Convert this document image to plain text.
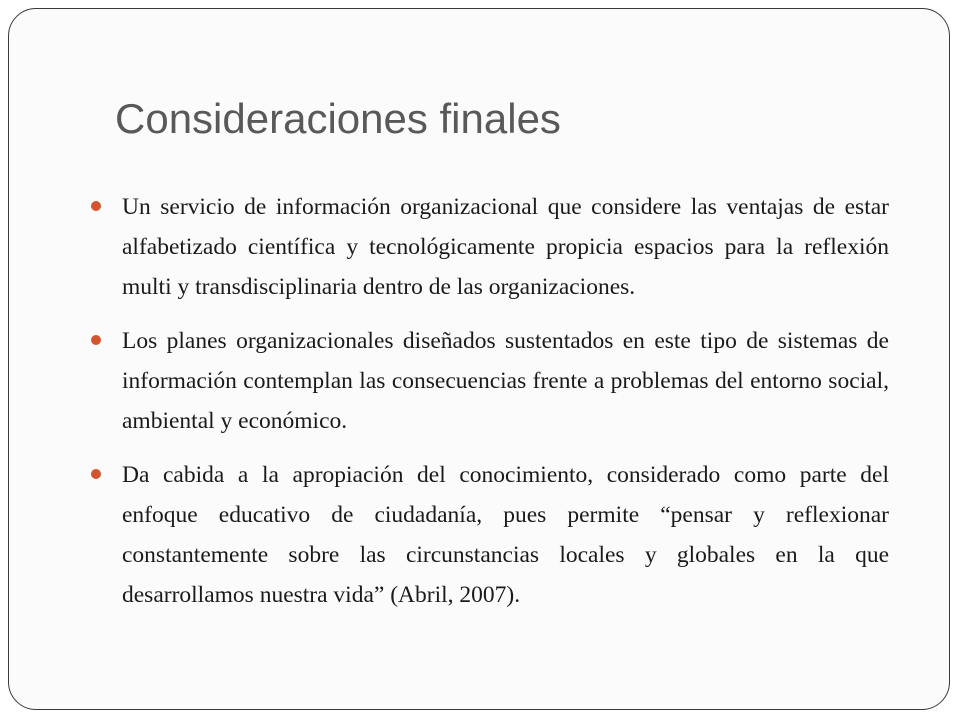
Consideraciones finales
Un servicio de información organizacional que considere las ventajas de estar alfabetizado científica y tecnológicamente propicia espacios para la reflexión multi y transdisciplinaria dentro de las organizaciones.
Los planes organizacionales diseñados sustentados en este tipo de sistemas de información contemplan las consecuencias frente a problemas del entorno social, ambiental y económico.
Da cabida a la apropiación del conocimiento, considerado como parte del enfoque educativo de ciudadanía, pues permite “pensar y reflexionar constantemente sobre las circunstancias locales y globales en la que desarrollamos nuestra vida” (Abril, 2007).
